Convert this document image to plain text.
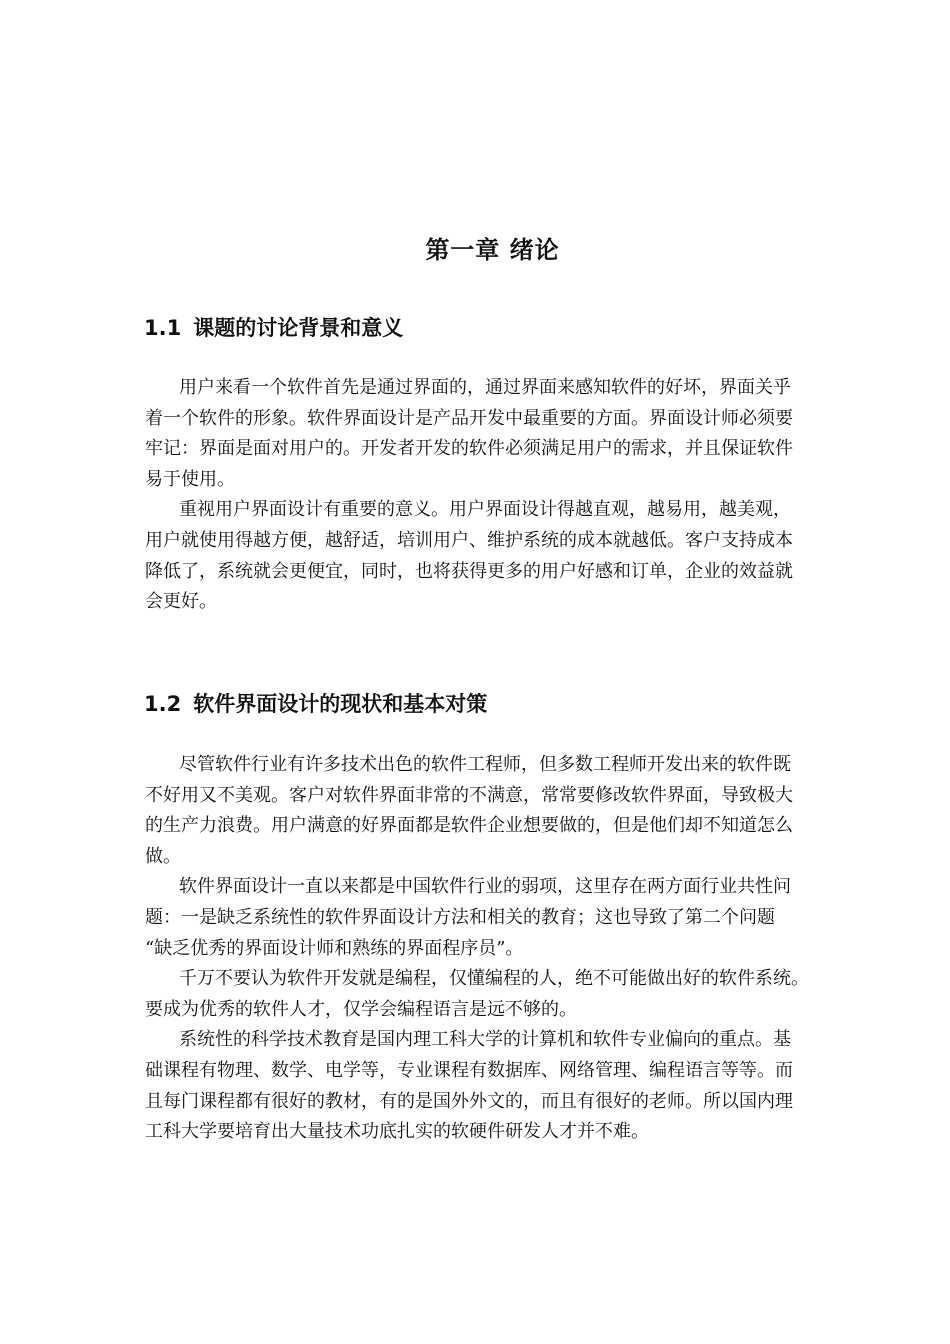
第一章 绪论
1.1 课题的讨论背景和意义

用户来看一个软件首先是通过界面的，通过界面来感知软件的好坏，界面关乎
着一个软件的形象。软件界面设计是产品开发中最重要的方面。界面设计师必须要
牢记：界面是面对用户的。开发者开发的软件必须满足用户的需求，并且保证软件
易于使用。

重视用户界面设计有重要的意义。用户界面设计得越直观，越易用，越美观，
用户就使用得越方便，越舒适，培训用户、维护系统的成本就越低。客户支持成本
降低了，系统就会更便宜，同时，也将获得更多的用户好感和订单，企业的效益就
会更好。

1.2 软件界面设计的现状和基本对策

尽管软件行业有许多技术出色的软件工程师，但多数工程师开发出来的软件既
不好用又不美观。客户对软件界面非常的不满意，常常要修改软件界面，导致极大
的生产力浪费。用户满意的好界面都是软件企业想要做的，但是他们却不知道怎么
做。

软件界面设计一直以来都是中国软件行业的弱项，这里存在两方面行业共性问
题：一是缺乏系统性的软件界面设计方法和相关的教育；这也导致了第二个问题
“缺乏优秀的界面设计师和熟练的界面程序员”。

千万不要认为软件开发就是编程，仅懂编程的人，绝不可能做出好的软件系统。
要成为优秀的软件人才，仅学会编程语言是远不够的。

系统性的科学技术教育是国内理工科大学的计算机和软件专业偏向的重点。基
础课程有物理、数学、电学等，专业课程有数据库、网络管理、编程语言等等。而
且每门课程都有很好的教材，有的是国外外文的，而且有很好的老师。所以国内理
工科大学要培育出大量技术功底扎实的软硬件研发人才并不难。
